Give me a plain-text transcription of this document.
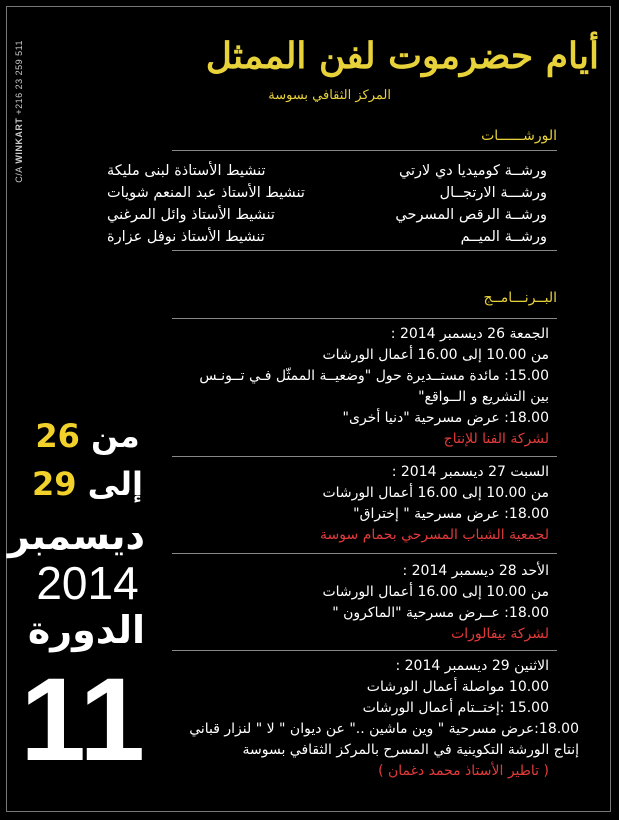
C/A WINKART +216 23 259 511	أيام حضرموت لفن الممثل
المركز الثقافي بسوسة
الورشــــــات
ورشــة كوميديا دي لارتي
تنشيط الأستاذة لبنى مليكة
ورشـــة الارتجــال
تنشيط الأستاذ عبد المنعم شويات
ورشــة الرقص المسرحي
تنشيط الأستاذ وائل المرغني
ورشــة الميــم
تنشيط الأستاذ نوفل عزارة
البــرنـــامــج
الجمعة 26 ديسمبر 2014 :
من 10.00 إلى 16.00 أعمال الورشات
15.00: مائدة مستــديرة حول "وضعيــة الممثّل فـي تــونـس
بين التشريع و الــواقع"
18.00: عرض مسرحية "دنيا أخرى"
لشركة الفنا للإنتاج
السبت 27 ديسمبر 2014 :
من 10.00 إلى 16.00 أعمال الورشات
18.00: عرض مسرحية " إختراق"
لجمعية الشباب المسرحي بحمام سوسة
الأحد 28 ديسمبر 2014 :
من 10.00 إلى 16.00 أعمال الورشات
18.00: عــرض مسرحية "الماكرون "
لشركة بيفالورات
الاثنين 29 ديسمبر 2014 :
10.00 مواصلة أعمال الورشات
15.00 :إختــتام أعمال الورشات
18.00:عرض مسرحية " وين ماشين .." عن ديوان " لا " لنزار قباني
إنتاج الورشة التكوينية في المسرح بالمركز الثقافي بسوسة
( تاطير الأستاذ محمد دغمان )
من 26
إلى 29
ديسمبر
2014
الدورة
11
